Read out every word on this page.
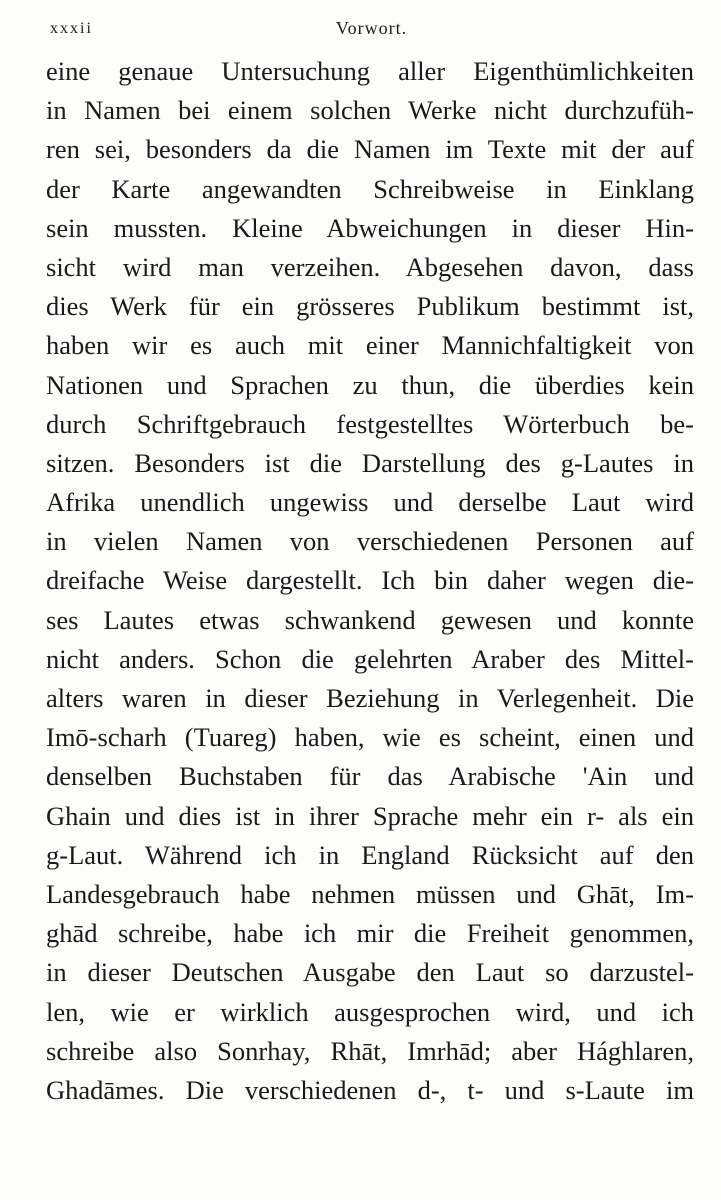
xxxii	Vorwort.
eine genaue Untersuchung aller Eigenthümlichkeiten
in Namen bei einem solchen Werke nicht durchzufüh-
ren sei, besonders da die Namen im Texte mit der auf
der Karte angewandten Schreibweise in Einklang
sein mussten. Kleine Abweichungen in dieser Hin-
sicht wird man verzeihen. Abgesehen davon, dass
dies Werk für ein grösseres Publikum bestimmt ist,
haben wir es auch mit einer Mannichfaltigkeit von
Nationen und Sprachen zu thun, die überdies kein
durch Schriftgebrauch festgestelltes Wörterbuch be-
sitzen. Besonders ist die Darstellung des g-Lautes in
Afrika unendlich ungewiss und derselbe Laut wird
in vielen Namen von verschiedenen Personen auf
dreifache Weise dargestellt. Ich bin daher wegen die-
ses Lautes etwas schwankend gewesen und konnte
nicht anders. Schon die gelehrten Araber des Mittel-
alters waren in dieser Beziehung in Verlegenheit. Die
Imō-scharh (Tuareg) haben, wie es scheint, einen und
denselben Buchstaben für das Arabische 'Ain und
Ghain und dies ist in ihrer Sprache mehr ein r- als ein
g-Laut. Während ich in England Rücksicht auf den
Landesgebrauch habe nehmen müssen und Ghāt, Im-
ghād schreibe, habe ich mir die Freiheit genommen,
in dieser Deutschen Ausgabe den Laut so darzustel-
len, wie er wirklich ausgesprochen wird, und ich
schreibe also Sonrhay, Rhāt, Imrhād; aber Hághlaren,
Ghadāmes. Die verschiedenen d-, t- und s-Laute im
